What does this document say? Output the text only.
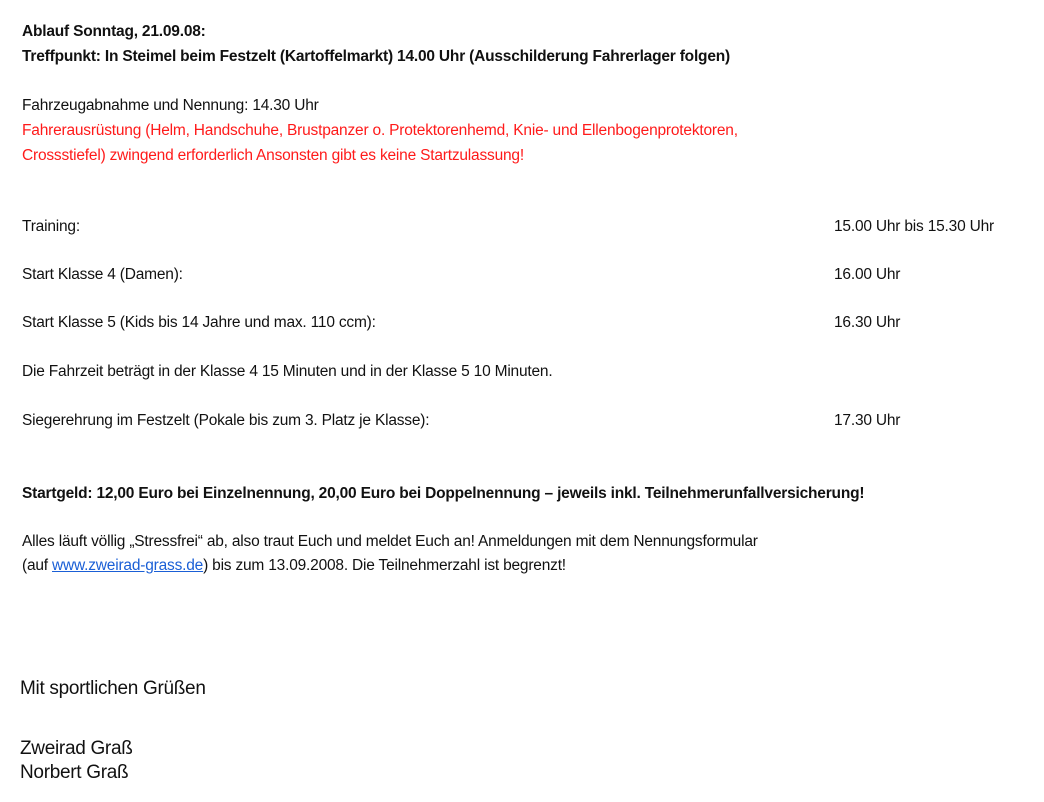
Ablauf Sonntag, 21.09.08:
Treffpunkt: In Steimel beim Festzelt (Kartoffelmarkt) 14.00 Uhr (Ausschilderung Fahrerlager folgen)
Fahrzeugabnahme und Nennung: 14.30 Uhr
Fahrerausrüstung (Helm, Handschuhe, Brustpanzer o. Protektorenhemd, Knie- und Ellenbogenprotektoren,
Crossstiefel) zwingend erforderlich Ansonsten gibt es keine Startzulassung!
Training:	15.00 Uhr bis 15.30 Uhr
Start Klasse 4 (Damen):	16.00 Uhr
Start Klasse 5 (Kids bis 14 Jahre und max. 110 ccm):	16.30 Uhr
Die Fahrzeit beträgt in der Klasse 4 15 Minuten und in der Klasse 5 10 Minuten.
Siegerehrung im Festzelt (Pokale bis zum 3. Platz je Klasse):	17.30 Uhr
Startgeld: 12,00 Euro bei Einzelnennung, 20,00 Euro bei Doppelnennung – jeweils inkl. Teilnehmerunfallversicherung!
Alles läuft völlig „Stressfrei“ ab, also traut Euch und meldet Euch an! Anmeldungen mit dem Nennungsformular
(auf www.zweirad-grass.de) bis zum 13.09.2008. Die Teilnehmerzahl ist begrenzt!
Mit sportlichen Grüßen
Zweirad Graß
Norbert Graß
